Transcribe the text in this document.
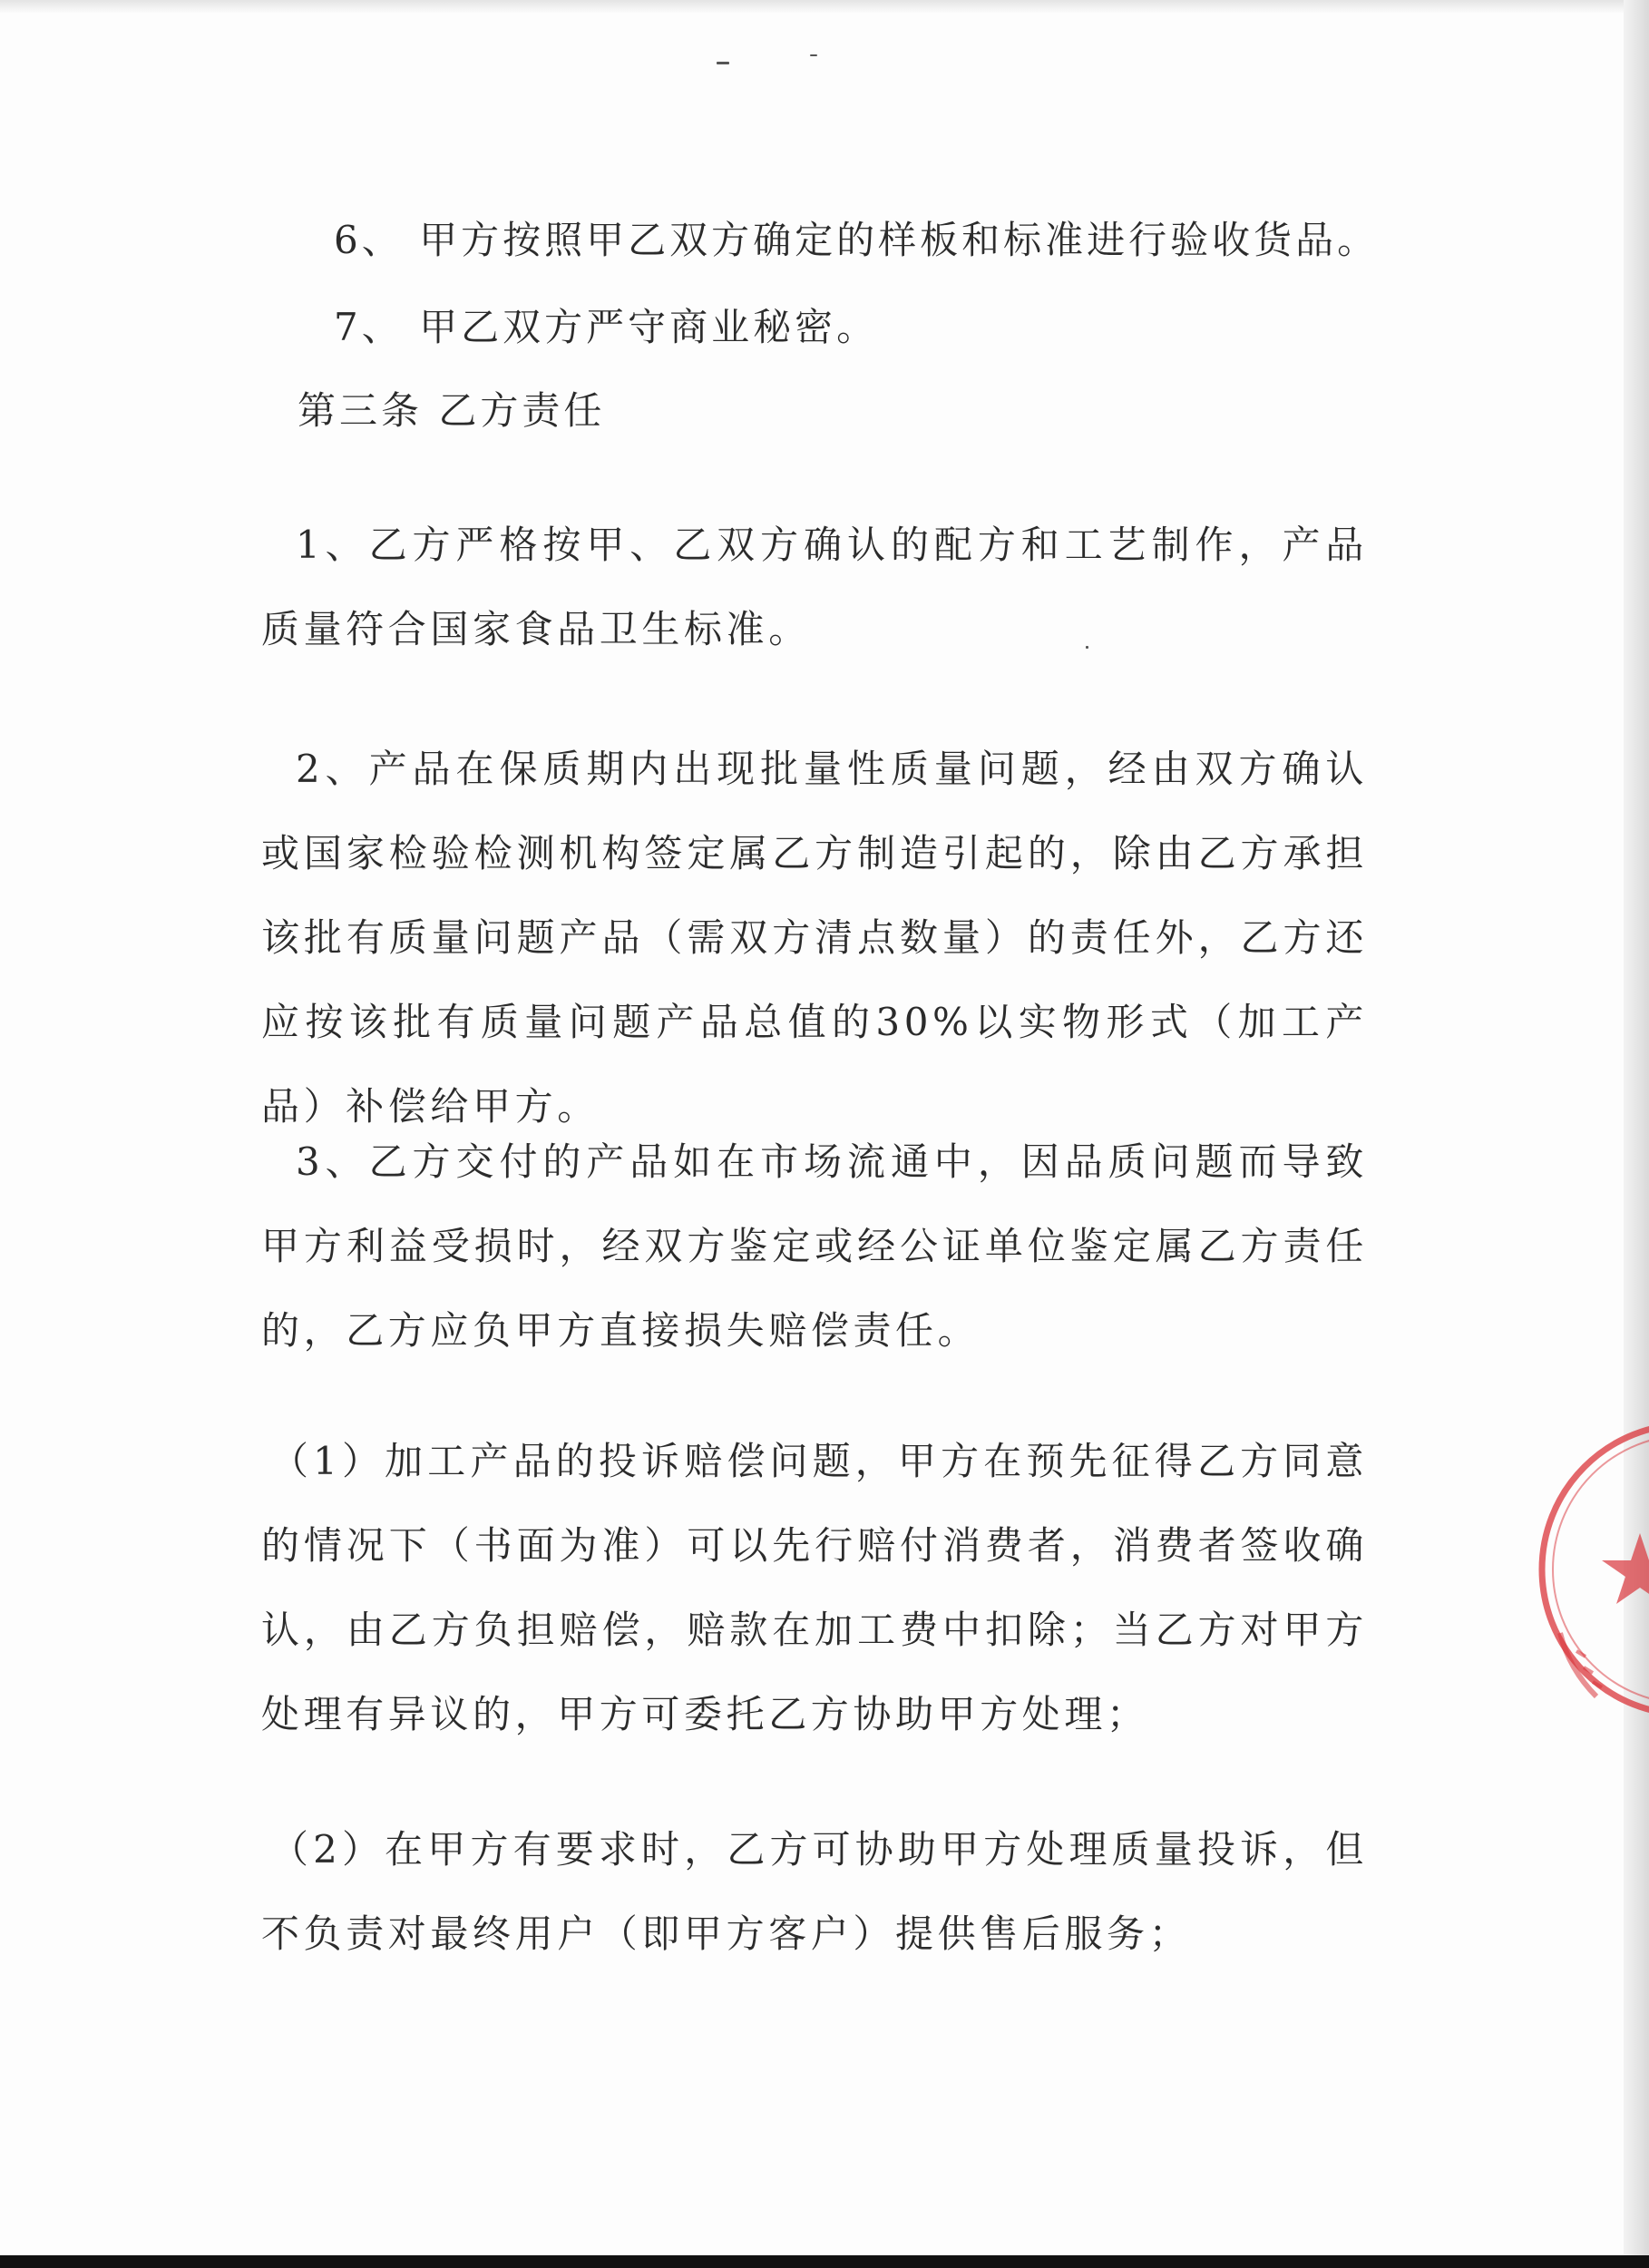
6、 甲方按照甲乙双方确定的样板和标准进行验收货品。
7、 甲乙双方严守商业秘密。
第三条 乙方责任
1、乙方严格按甲、乙双方确认的配方和工艺制作，产品质量符合国家食品卫生标准。
2、产品在保质期内出现批量性质量问题，经由双方确认或国家检验检测机构签定属乙方制造引起的，除由乙方承担该批有质量问题产品（需双方清点数量）的责任外，乙方还应按该批有质量问题产品总值的30%以实物形式（加工产品）补偿给甲方。
3、乙方交付的产品如在市场流通中，因品质问题而导致甲方利益受损时，经双方鉴定或经公证单位鉴定属乙方责任的，乙方应负甲方直接损失赔偿责任。
（1）加工产品的投诉赔偿问题，甲方在预先征得乙方同意的情况下（书面为准）可以先行赔付消费者，消费者签收确认，由乙方负担赔偿，赔款在加工费中扣除；当乙方对甲方处理有异议的，甲方可委托乙方协助甲方处理；
（2）在甲方有要求时，乙方可协助甲方处理质量投诉，但不负责对最终用户（即甲方客户）提供售后服务；
